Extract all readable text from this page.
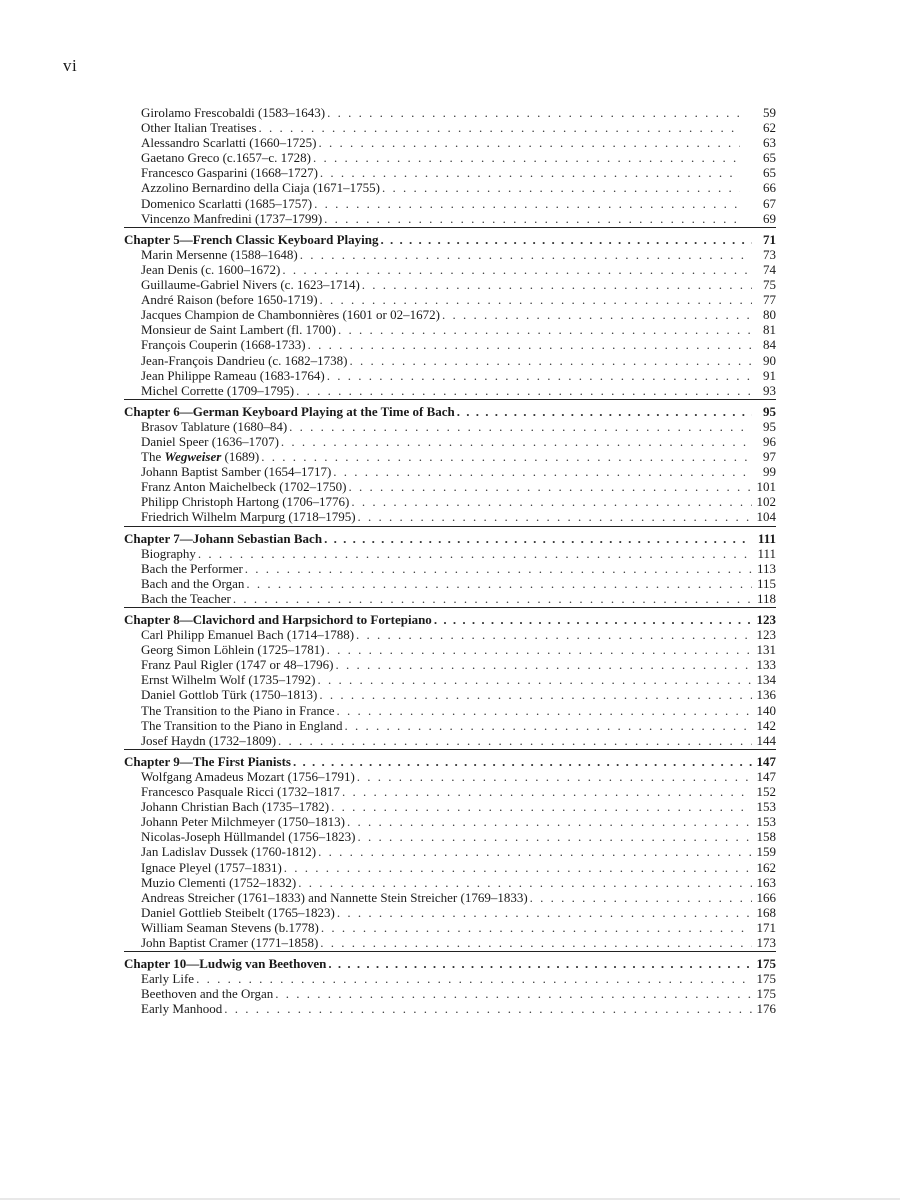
vi
Girolamo Frescobaldi (1583–1643) . . .	59
Other Italian Treatises . . .	62
Alessandro Scarlatti (1660–1725) . . .	63
Gaetano Greco (c.1657–c. 1728) . . .	65
Francesco Gasparini (1668–1727) . . .	65
Azzolino Bernardino della Ciaja (1671–1755) . . .	66
Domenico Scarlatti (1685–1757) . . .	67
Vincenzo Manfredini (1737–1799) . . .	69
Chapter 5—French Classic Keyboard Playing . . .	71
Marin Mersenne (1588–1648) . . .	73
Jean Denis (c. 1600–1672) . . .	74
Guillaume-Gabriel Nivers (c. 1623–1714) . . .	75
André Raison (before 1650-1719) . . .	77
Jacques Champion de Chambonnières (1601 or 02–1672) . . .	80
Monsieur de Saint Lambert (fl. 1700) . . .	81
François Couperin (1668-1733) . . .	84
Jean-François Dandrieu (c. 1682–1738) . . .	90
Jean Philippe Rameau (1683-1764) . . .	91
Michel Corrette (1709–1795) . . .	93
Chapter 6—German Keyboard Playing at the Time of Bach . . .	95
Brasov Tablature (1680–84) . . .	95
Daniel Speer (1636–1707) . . .	96
The Wegweiser (1689) . . .	97
Johann Baptist Samber (1654–1717) . . .	99
Franz Anton Maichelbeck (1702–1750) . . .	101
Philipp Christoph Hartong (1706–1776) . . .	102
Friedrich Wilhelm Marpurg (1718–1795) . . .	104
Chapter 7—Johann Sebastian Bach . . .	111
Biography . . .	111
Bach the Performer . . .	113
Bach and the Organ . . .	115
Bach the Teacher . . .	118
Chapter 8—Clavichord and Harpsichord to Fortepiano . . .	123
Carl Philipp Emanuel Bach (1714–1788) . . .	123
Georg Simon Löhlein (1725–1781) . . .	131
Franz Paul Rigler (1747 or 48–1796) . . .	133
Ernst Wilhelm Wolf (1735–1792) . . .	134
Daniel Gottlob Türk (1750–1813) . . .	136
The Transition to the Piano in France . . .	140
The Transition to the Piano in England . . .	142
Josef Haydn (1732–1809) . . .	144
Chapter 9—The First Pianists . . .	147
Wolfgang Amadeus Mozart (1756–1791) . . .	147
Francesco Pasquale Ricci (1732–1817 . . .	152
Johann Christian Bach (1735–1782) . . .	153
Johann Peter Milchmeyer (1750–1813) . . .	153
Nicolas-Joseph Hüllmandel (1756–1823) . . .	158
Jan Ladislav Dussek (1760-1812) . . .	159
Ignace Pleyel (1757–1831) . . .	162
Muzio Clementi (1752–1832) . . .	163
Andreas Streicher (1761–1833) and Nannette Stein Streicher (1769–1833) . . .	166
Daniel Gottlieb Steibelt (1765–1823) . . .	168
William Seaman Stevens (b.1778) . . .	171
John Baptist Cramer (1771–1858) . . .	173
Chapter 10—Ludwig van Beethoven . . .	175
Early Life . . .	175
Beethoven and the Organ . . .	175
Early Manhood . . .	176
